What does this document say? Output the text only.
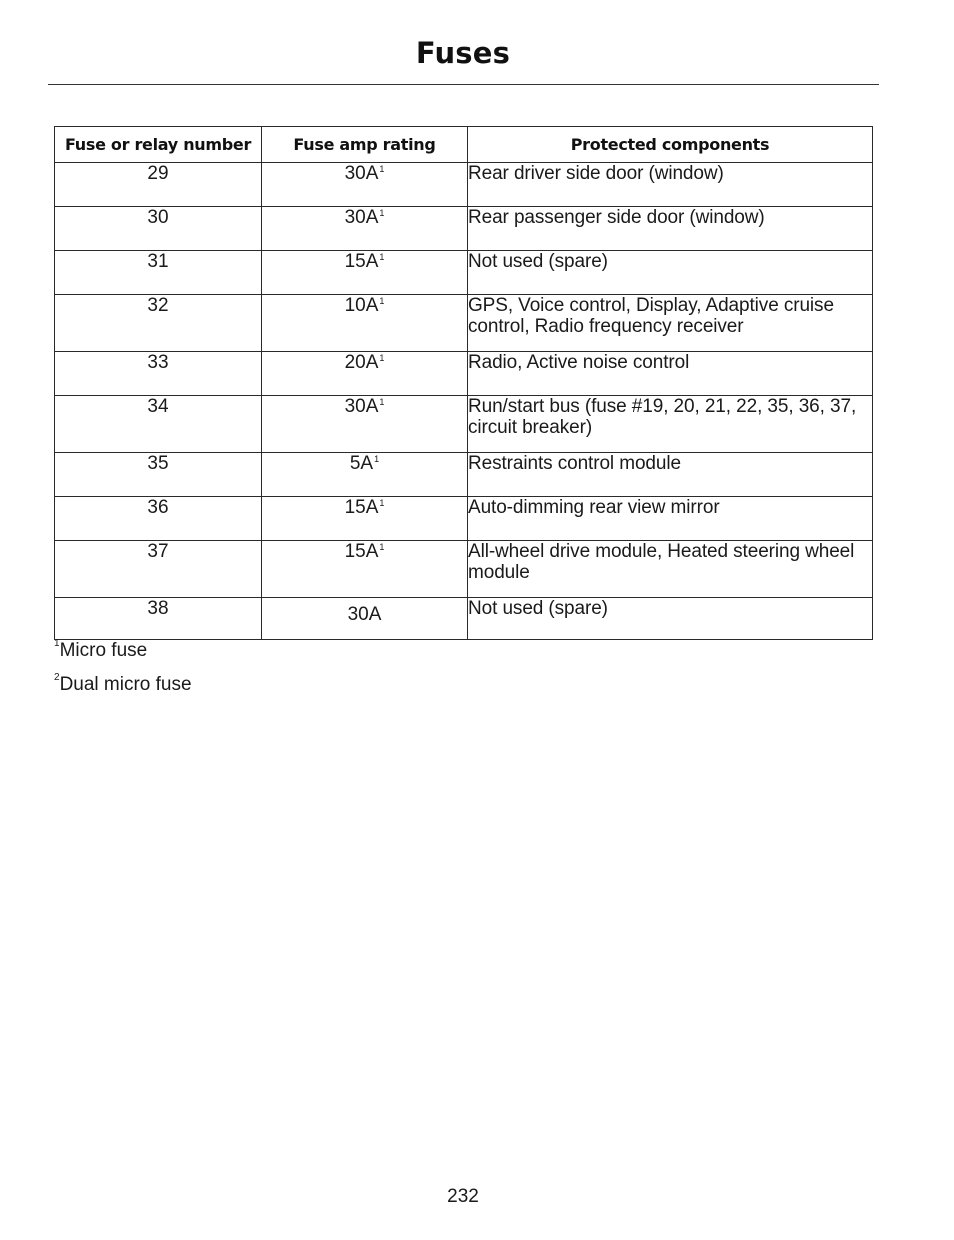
Fuses
Fuse or relay number	Fuse amp rating	Protected components
29	$30A^1$	Rear driver side door (window)
30	$30A^1$	Rear passenger side door (window)
31	$15A^1$	Not used (spare)
32	$10A^1$	GPS, Voice control, Display, Adaptive cruise control, Radio frequency receiver
33	$20A^1$	Radio, Active noise control
34	$30A^1$	Run/start bus (fuse #19, 20, 21, 22, 35, 36, 37, circuit breaker)
35	$5A^1$	Restraints control module
36	$15A^1$	Auto-dimming rear view mirror
37	$15A^1$	All-wheel drive module, Heated steering wheel module
38	30A	Not used (spare)
$^1$Micro fuse
$^2$Dual micro fuse
232
